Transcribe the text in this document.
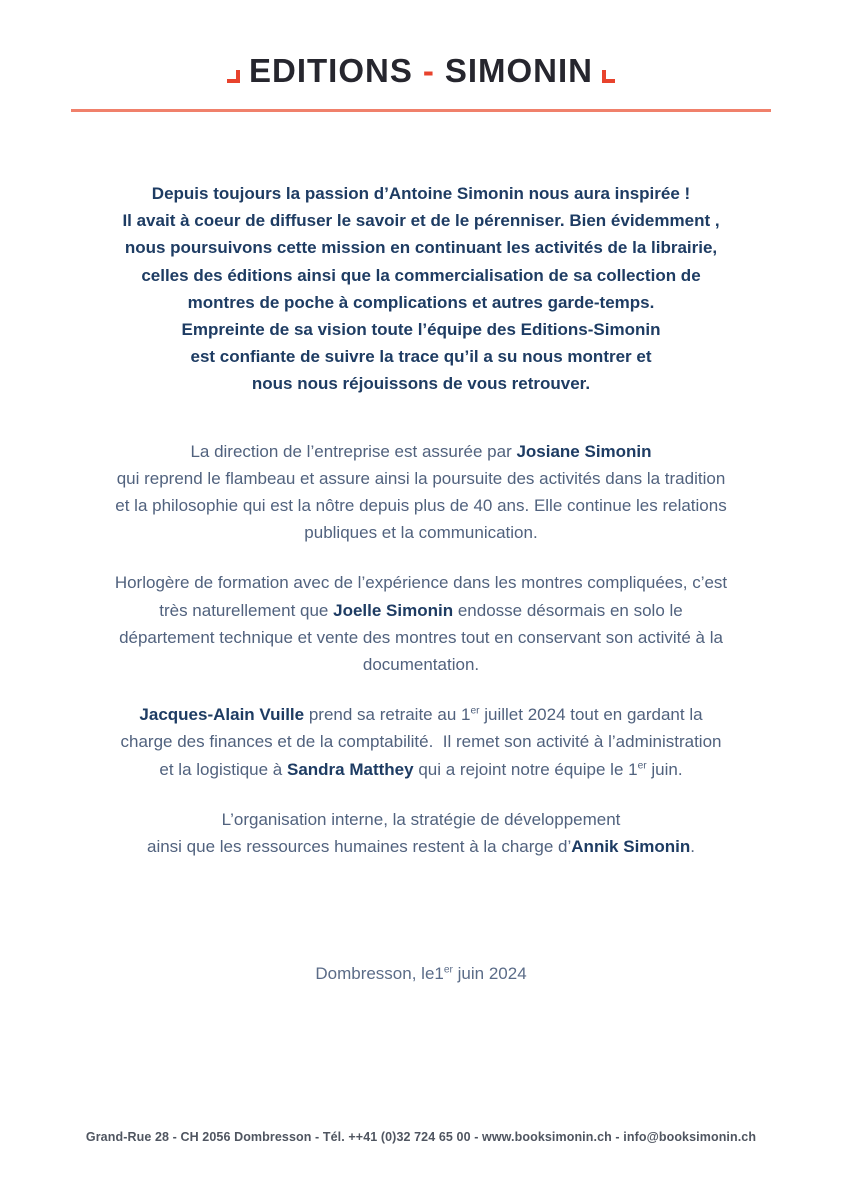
EDITIONS - SIMONIN
Depuis toujours la passion d’Antoine Simonin nous aura inspirée !
Il avait à coeur de diffuser le savoir et de le pérenniser. Bien évidemment ,
nous poursuivons cette mission en continuant les activités de la librairie,
celles des éditions ainsi que la commercialisation de sa collection de
montres de poche à complications et autres garde-temps.
Empreinte de sa vision toute l’équipe des Editions-Simonin
est confiante de suivre la trace qu’il a su nous montrer et
nous nous réjouissons de vous retrouver.
La direction de l’entreprise est assurée par Josiane Simonin
qui reprend le flambeau et assure ainsi la poursuite des activités dans la tradition
et la philosophie qui est la nôtre depuis plus de 40 ans. Elle continue les relations
publiques et la communication.
Horlogère de formation avec de l’expérience dans les montres compliquées, c’est
très naturellement que Joelle Simonin endosse désormais en solo le
département technique et vente des montres tout en conservant son activité à la
documentation.
Jacques-Alain Vuille prend sa retraite au 1er juillet 2024 tout en gardant la
charge des finances et de la comptabilité.  Il remet son activité à l’administration
et la logistique à Sandra Matthey qui a rejoint notre équipe le 1er juin.
L’organisation interne, la stratégie de développement
ainsi que les ressources humaines restent à la charge d’Annik Simonin.
Dombresson, le1er juin 2024
Grand-Rue 28 - CH 2056 Dombresson - Tél. ++41 (0)32 724 65 00 - www.booksimonin.ch - info@booksimonin.ch
